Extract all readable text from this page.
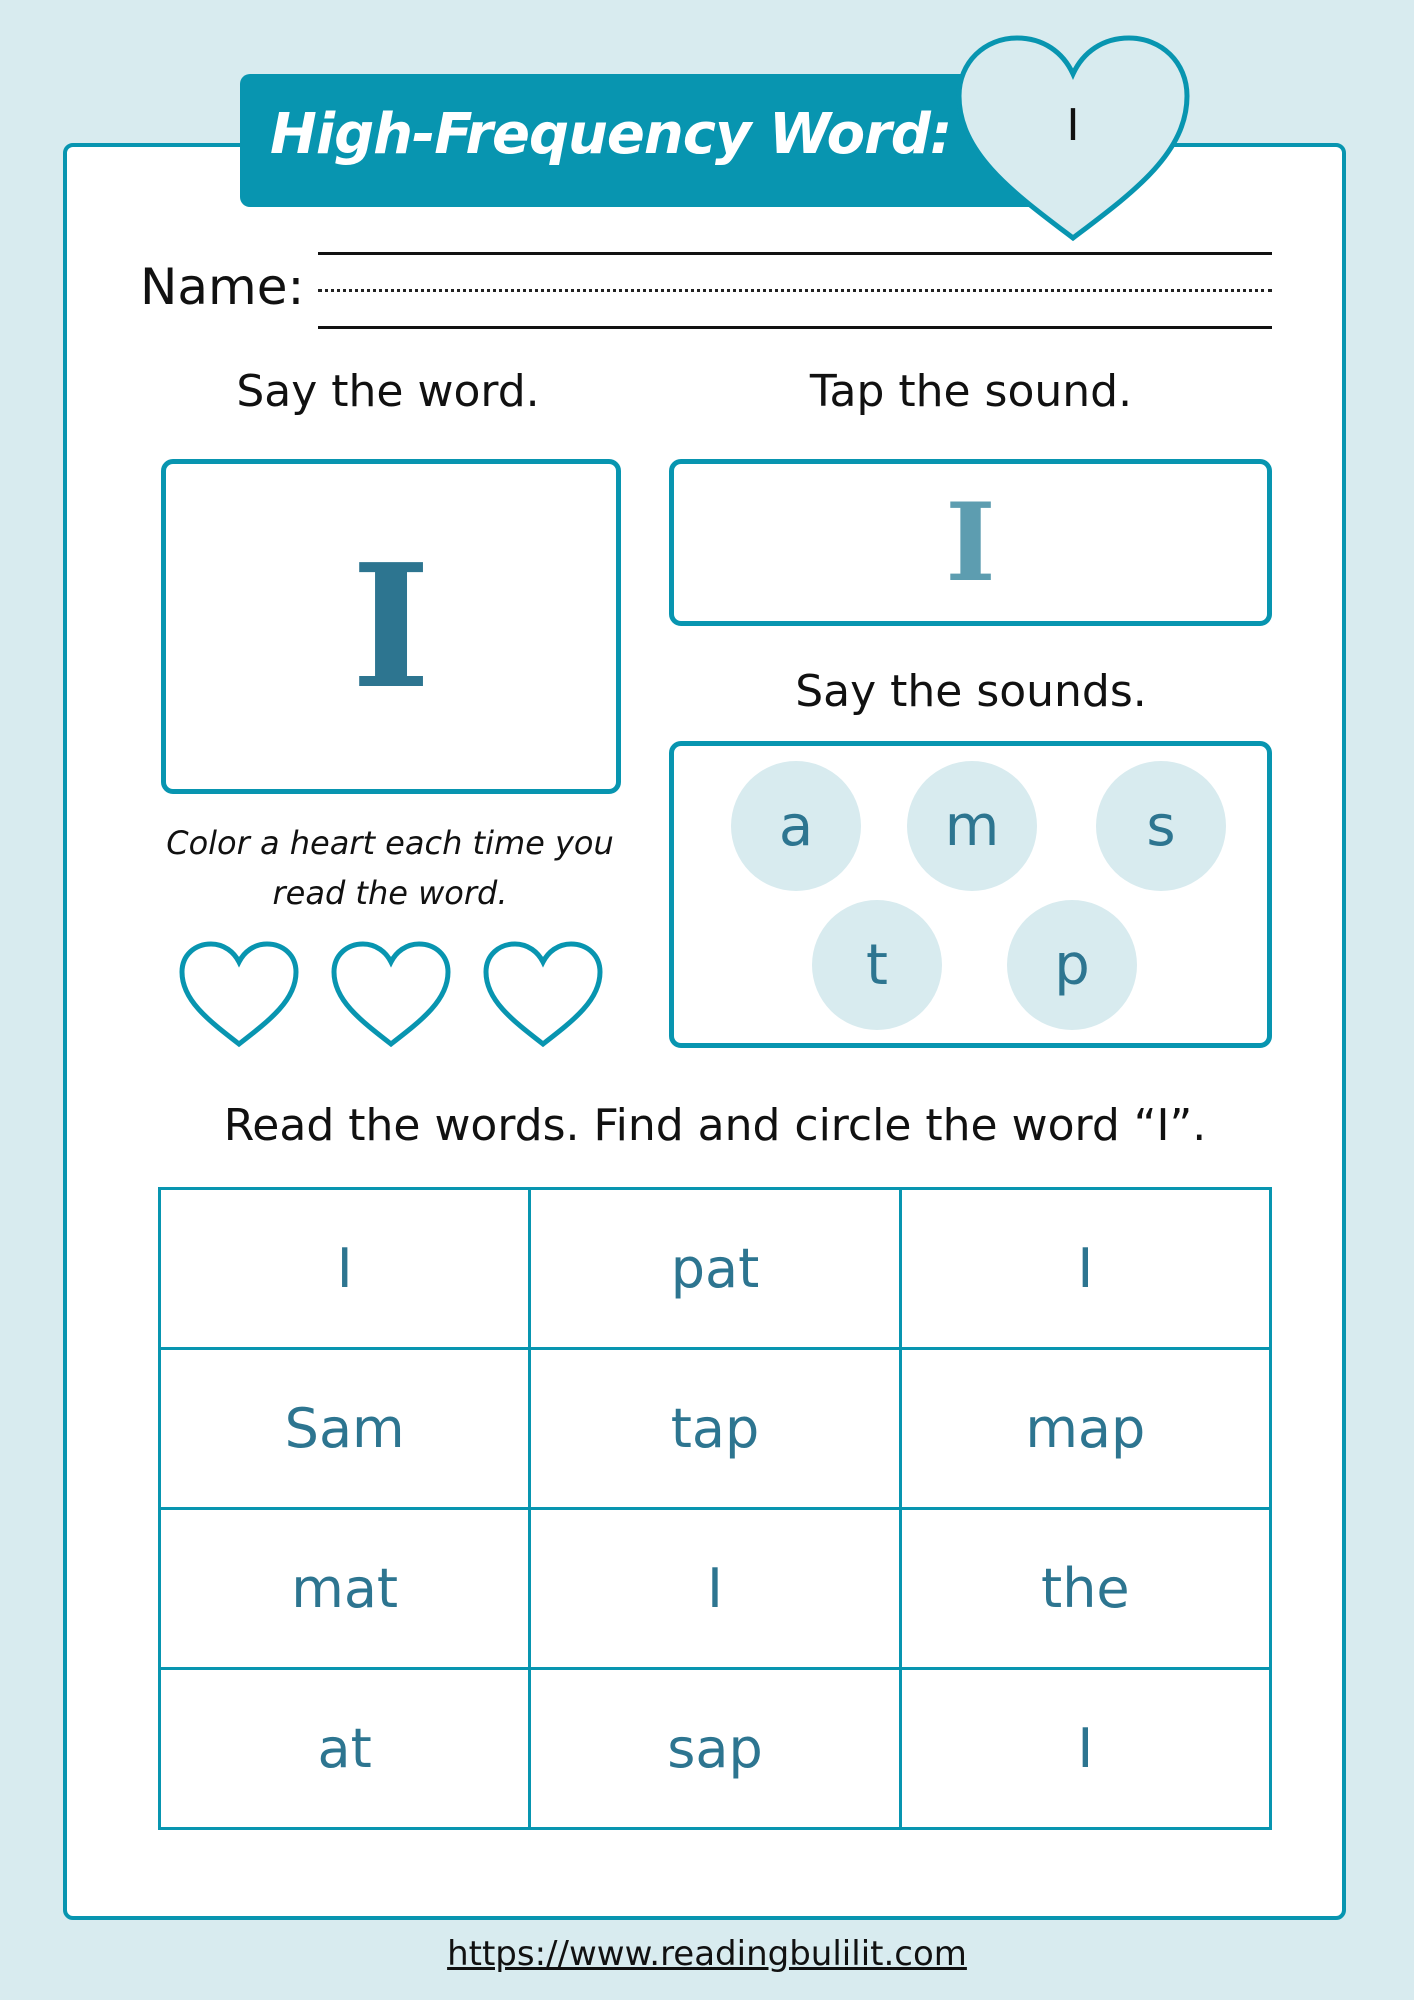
High-Frequency Word:	I
Name:
Say the word.	Tap the sound.
I	I
Say the sounds.
a	m	s
t	p
Color a heart each time you
read the word.
Read the words. Find and circle the word “I”.
I	pat	I
Sam	tap	map
mat	I	the
at	sap	I
https://www.readingbulilit.com
